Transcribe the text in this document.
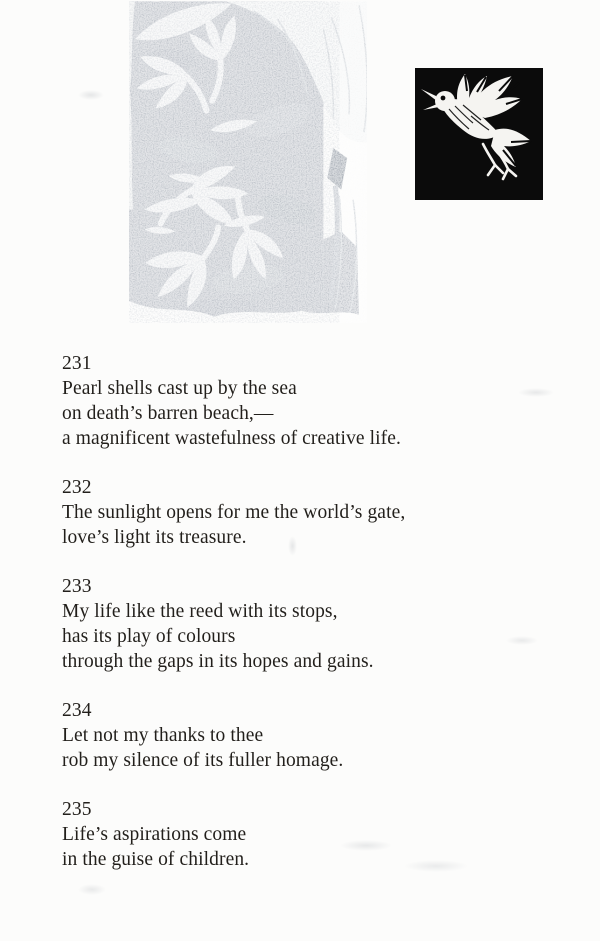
231
Pearl shells cast up by the sea
on death’s barren beach,—
a magnificent wastefulness of creative life.
232
The sunlight opens for me the world’s gate,
love’s light its treasure.
233
My life like the reed with its stops,
has its play of colours
through the gaps in its hopes and gains.
234
Let not my thanks to thee
rob my silence of its fuller homage.
235
Life’s aspirations come
in the guise of children.
